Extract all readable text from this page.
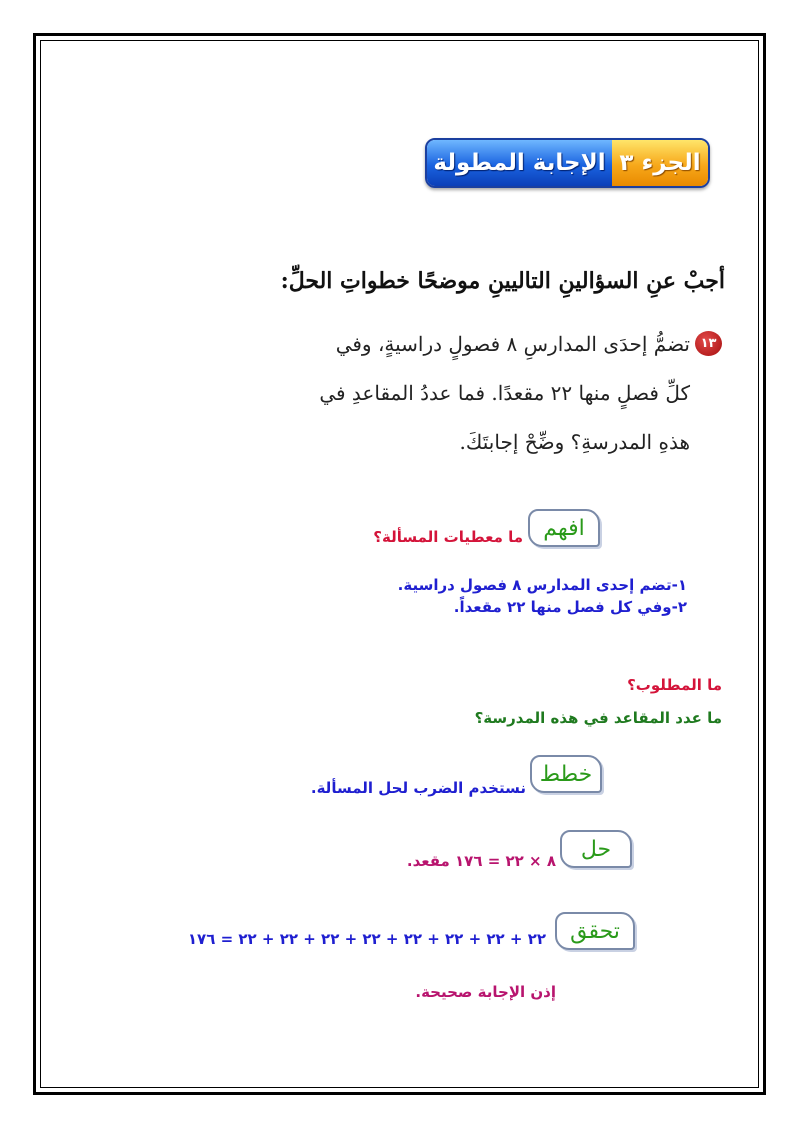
الجزء ٣
الإجابة المطولة
أجبْ عنِ السؤالينِ التاليينِ موضحًا خطواتِ الحلِّ:
١٣
تضمُّ إحدَى المدارسِ ٨ فصولٍ دراسيةٍ، وفي
كلِّ فصلٍ منها ٢٢ مقعدًا. فما عددُ المقاعدِ في
هذهِ المدرسةِ؟ وضِّحْ إجابتَكَ.
افهم
ما معطيات المسألة؟
١-تضم إحدى المدارس ٨ فصول دراسية.
٢-وفي كل فصل منها ٢٢ مقعداً.
ما المطلوب؟
ما عدد المقاعد في هذه المدرسة؟
خطط
نستخدم الضرب لحل المسألة.
حل
٨ × ٢٢ = ١٧٦ مقعد.
تحقق
٢٢ + ٢٢ + ٢٢ + ٢٢ + ٢٢ + ٢٢ + ٢٢ + ٢٢ = ١٧٦
إذن الإجابة صحيحة.
